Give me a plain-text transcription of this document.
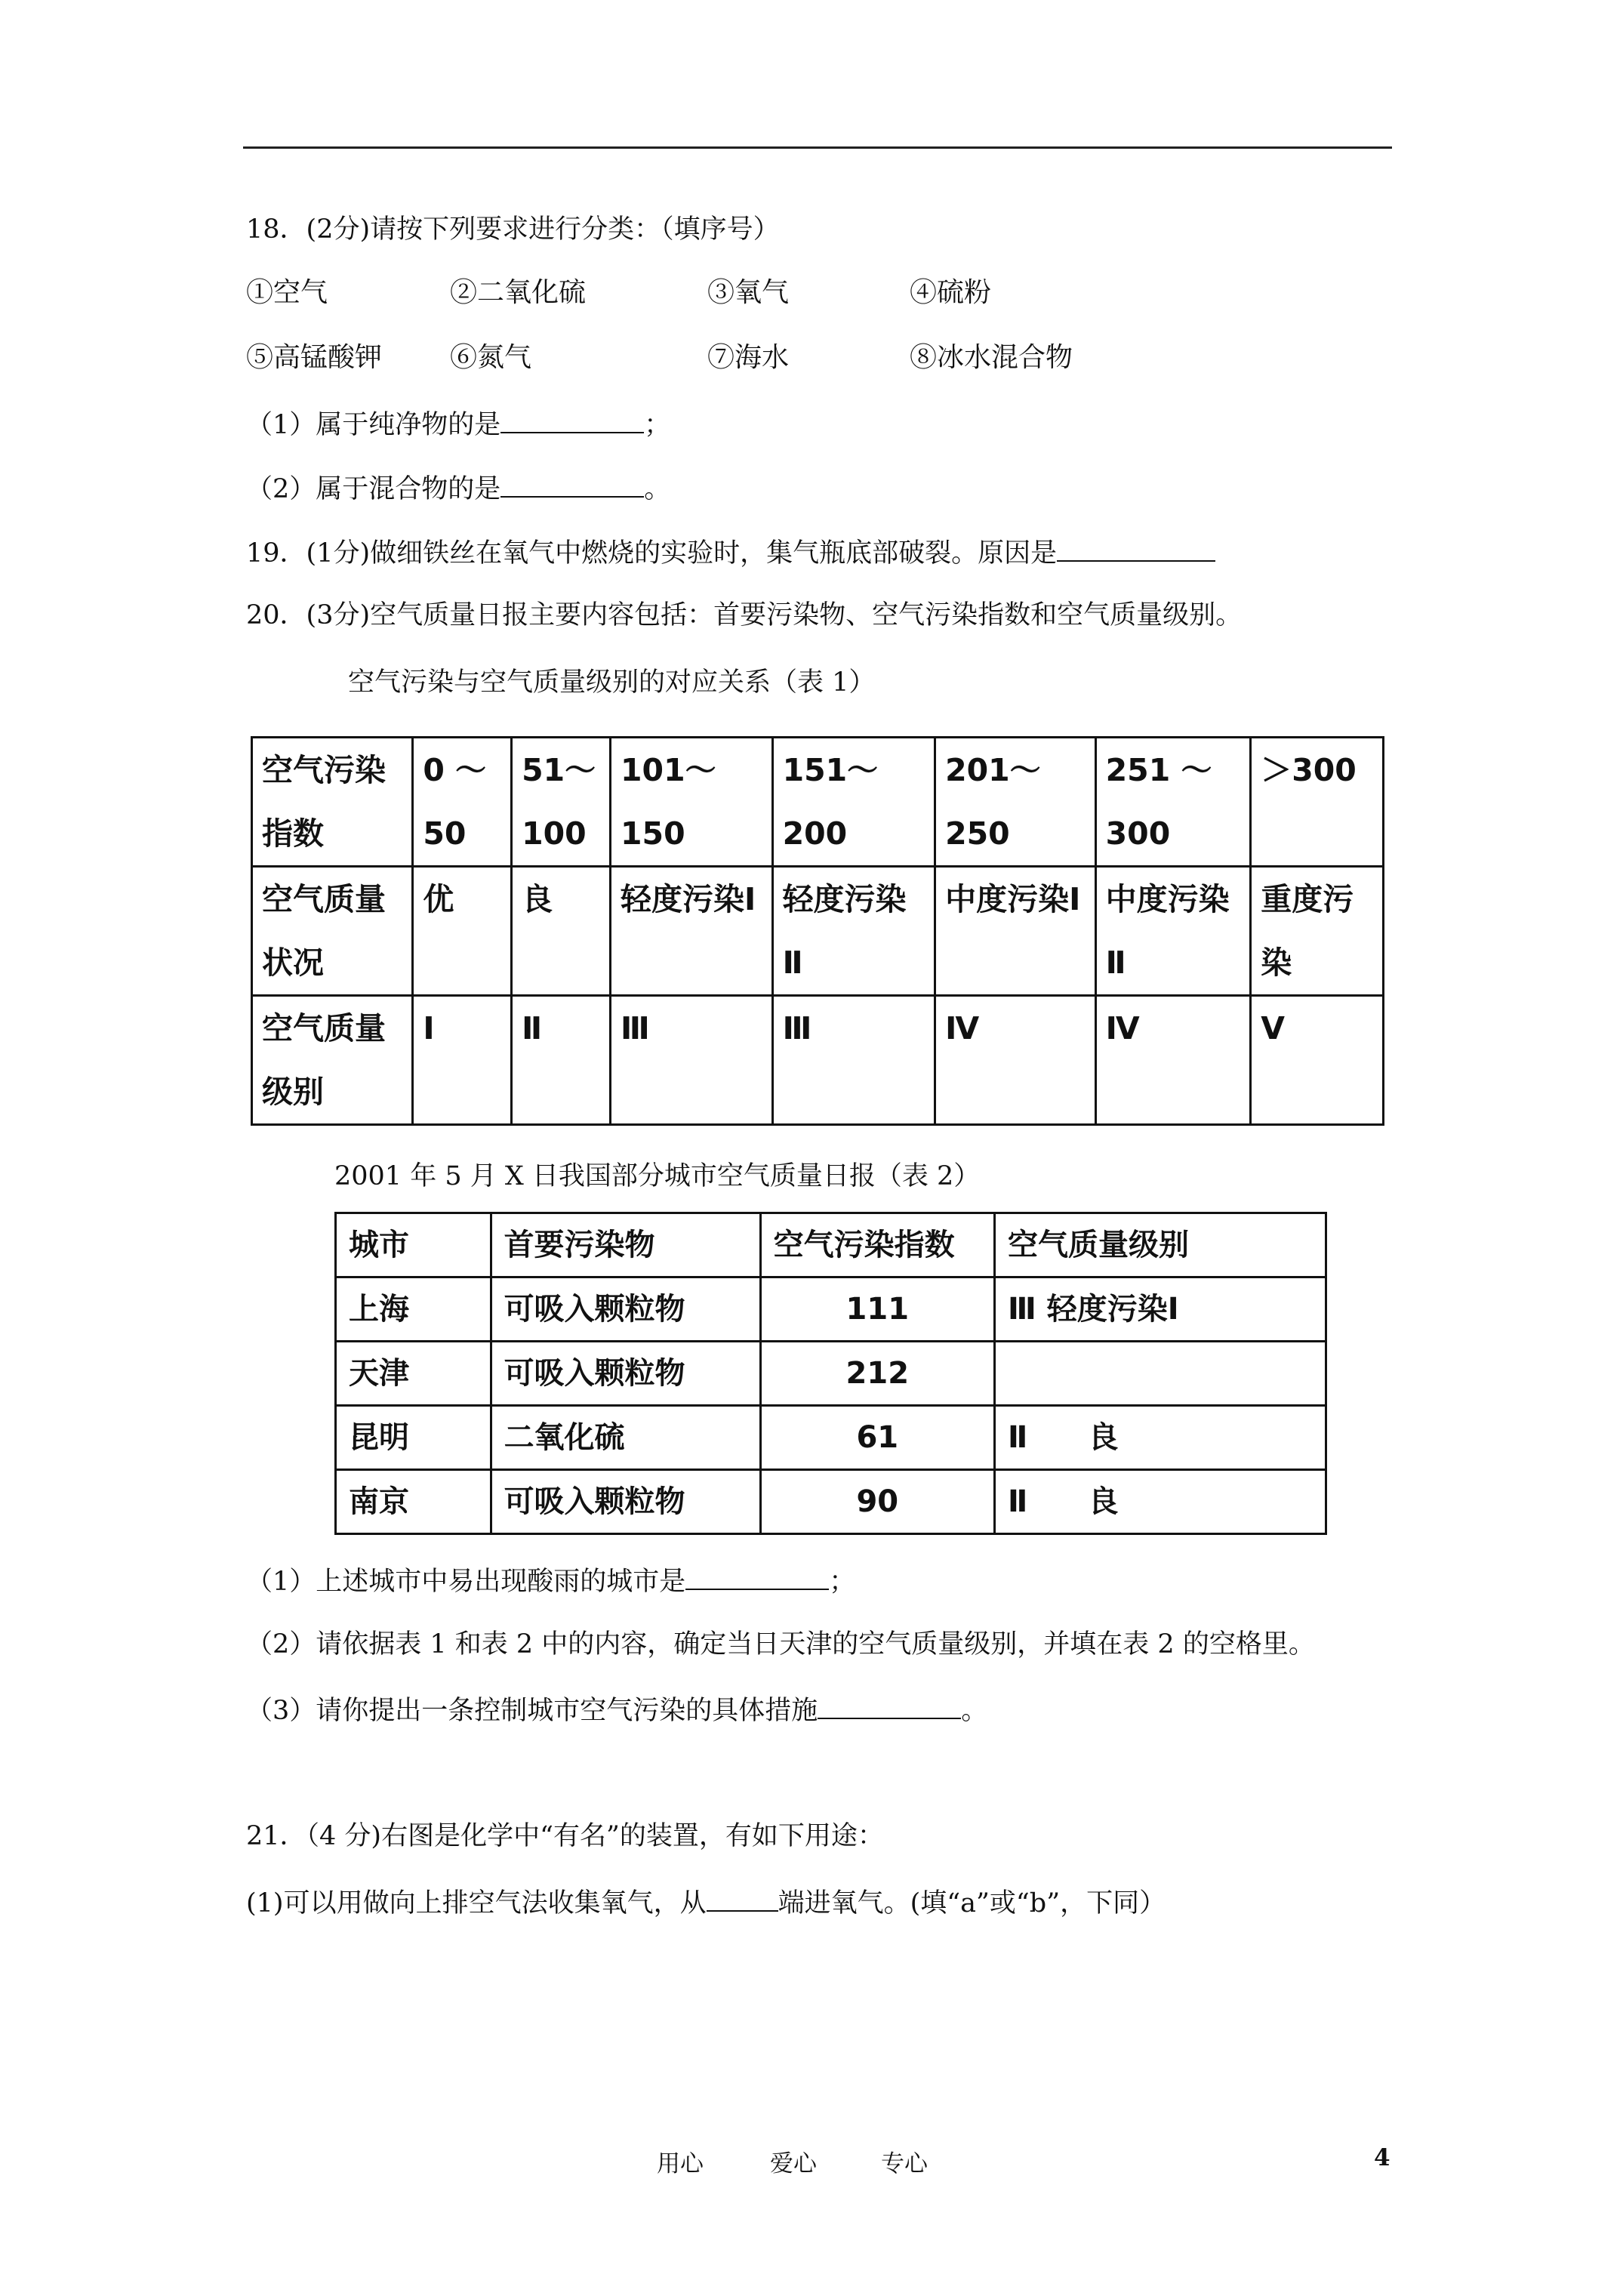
18．(2分)请按下列要求进行分类：（填序号）
①空气	②二氧化硫	③氧气	④硫粉
⑤高锰酸钾 ⑥氮气	⑦海水	⑧冰水混合物
（1）属于纯净物的是	；
（2）属于混合物的是	。
19．(1分)做细铁丝在氧气中燃烧的实验时，集气瓶底部破裂。原因是
20．(3分)空气质量日报主要内容包括：首要污染物、空气污染指数和空气质量级别。
空气污染与空气质量级别的对应关系（表 1）
空气污染指数	0 ～ 50	51～100	101～150	151～200	201～250	251 ～ 300	＞300
空气质量状况	优	良	轻度污染Ⅰ	轻度污染Ⅱ	中度污染Ⅰ	中度污染Ⅱ	重度污染
空气质量级别	Ⅰ	Ⅱ	Ⅲ	Ⅲ	Ⅳ	Ⅳ	Ⅴ
2001 年 5 月 X 日我国部分城市空气质量日报（表 2）
城市	首要污染物	空气污染指数	空气质量级别
上海	可吸入颗粒物	111	Ⅲ 轻度污染Ⅰ
天津	可吸入颗粒物	212	
昆明	二氧化硫	61	Ⅱ　　良
南京	可吸入颗粒物	90	Ⅱ　　良
（1）上述城市中易出现酸雨的城市是	；
（2）请依据表 1 和表 2 中的内容，确定当日天津的空气质量级别，并填在表 2 的空格里。
（3）请你提出一条控制城市空气污染的具体措施	。
21．（4 分)右图是化学中“有名”的装置，有如下用途：
(1)可以用做向上排空气法收集氧气，从	端进氧气。(填“a”或“b”，下同）
用心	爱心	专心	4
